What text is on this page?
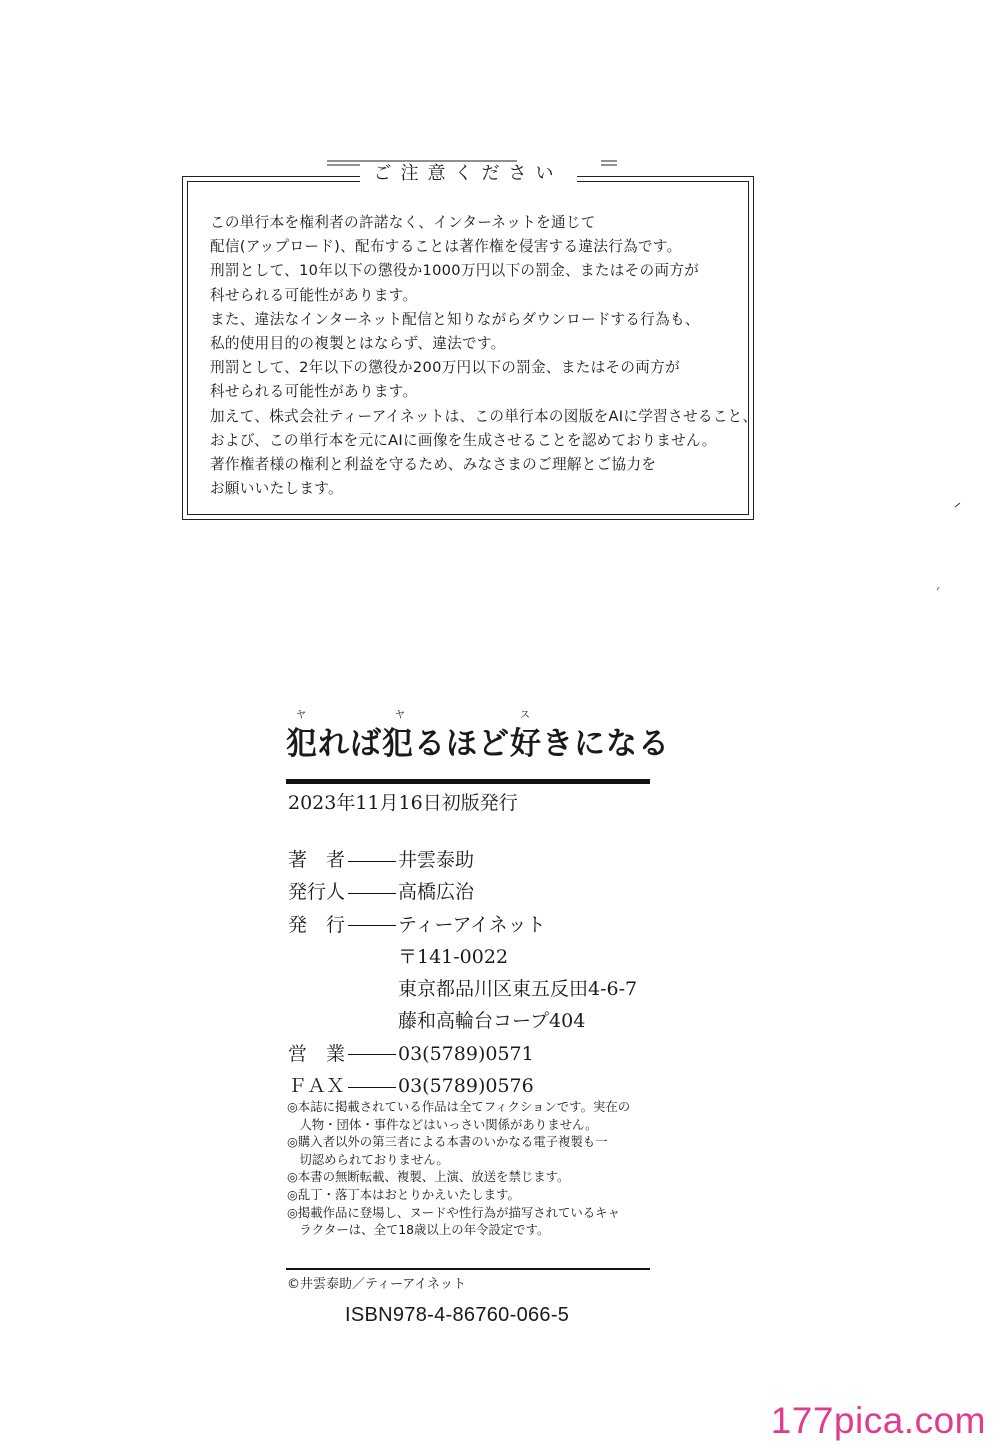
ご注意ください
この単行本を権利者の許諾なく、インターネットを通じて
配信(アップロード)、配布することは著作権を侵害する違法行為です。
刑罰として、10年以下の懲役か1000万円以下の罰金、またはその両方が
科せられる可能性があります。
また、違法なインターネット配信と知りながらダウンロードする行為も、
私的使用目的の複製とはならず、違法です。
刑罰として、2年以下の懲役か200万円以下の罰金、またはその両方が
科せられる可能性があります。
加えて、株式会社ティーアイネットは、この単行本の図版をAIに学習させること、
および、この単行本を元にAIに画像を生成させることを認めておりません。
著作権者様の権利と利益を守るため、みなさまのご理解とご協力を
お願いいたします。
ヤ	ヤ	ス
犯れば犯るほど好きになる
2023年11月16日初版発行
著　者	井雲泰助
発行人	高橋広治
発　行	ティーアイネット
〒141-0022
東京都品川区東五反田4-6-7
藤和高輪台コープ404
営　業	03(5789)0571
ＦＡＸ	03(5789)0576
◎本誌に掲載されている作品は全てフィクションです。実在の
　人物・団体・事件などはいっさい関係がありません。
◎購入者以外の第三者による本書のいかなる電子複製も一
　切認められておりません。
◎本書の無断転載、複製、上演、放送を禁じます。
◎乱丁・落丁本はおとりかえいたします。
◎掲載作品に登場し、ヌードや性行為が描写されているキャ
　ラクターは、全て18歳以上の年令設定です。
©井雲泰助／ティーアイネット
ISBN978-4-86760-066-5
177pica.com
